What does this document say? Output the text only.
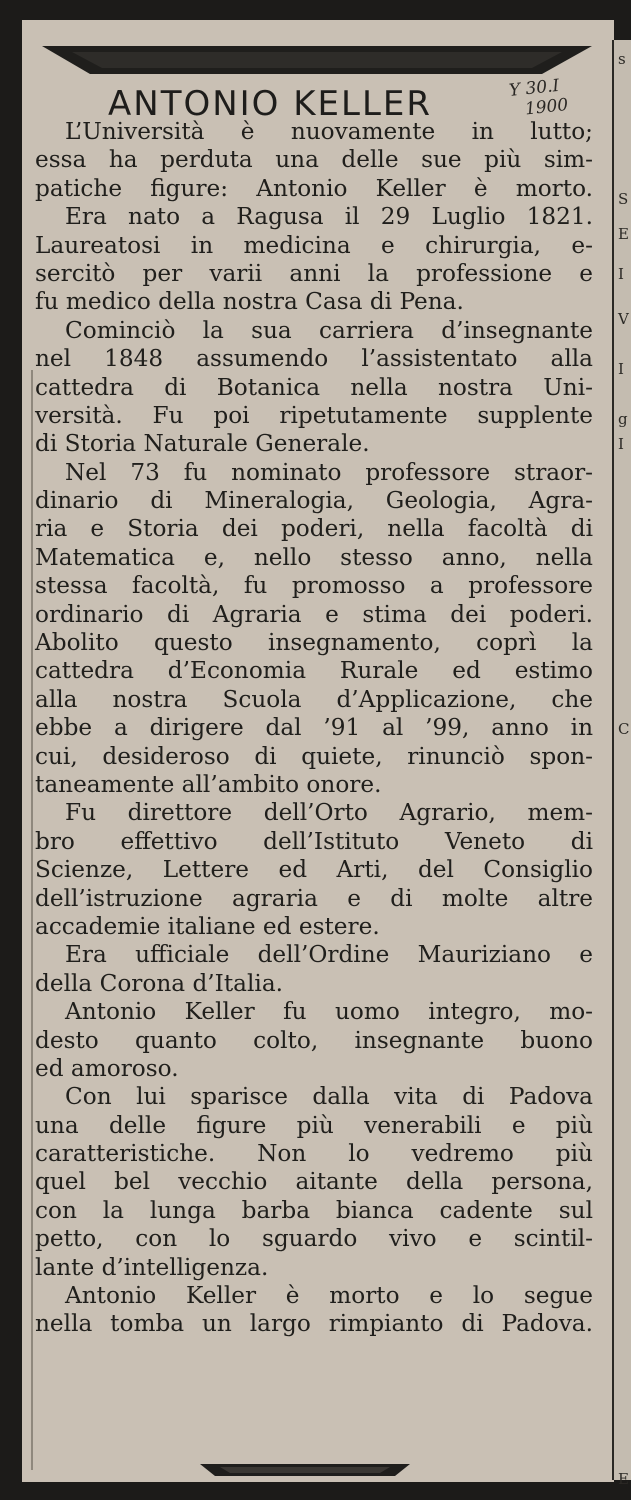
s
S
E
I
V
I
g
I
C
E
ANTONIO KELLER	Y 30.I
1900
L’Università è nuovamente in lutto;
essa ha perduta una delle sue più sim-
patiche figure: Antonio Keller è morto.
Era nato a Ragusa il 29 Luglio 1821.
Laureatosi in medicina e chirurgia, e-
sercitò per varii anni la professione e
fu medico della nostra Casa di Pena.
Cominciò la sua carriera d’insegnante
nel 1848 assumendo l’assistentato alla
cattedra di Botanica nella nostra Uni-
versità. Fu poi ripetutamente supplente
di Storia Naturale Generale.
Nel 73 fu nominato professore straor-
dinario di Mineralogia, Geologia, Agra-
ria e Storia dei poderi, nella facoltà di
Matematica e, nello stesso anno, nella
stessa facoltà, fu promosso a professore
ordinario di Agraria e stima dei poderi.
Abolito questo insegnamento, coprì la
cattedra d’Economia Rurale ed estimo
alla nostra Scuola d’Applicazione, che
ebbe a dirigere dal ’91 al ’99, anno in
cui, desideroso di quiete, rinunciò spon-
taneamente all’ambito onore.
Fu direttore dell’Orto Agrario, mem-
bro effettivo dell’Istituto Veneto di
Scienze, Lettere ed Arti, del Consiglio
dell’istruzione agraria e di molte altre
accademie italiane ed estere.
Era ufficiale dell’Ordine Mauriziano e
della Corona d’Italia.
Antonio Keller fu uomo integro, mo-
desto quanto colto, insegnante buono
ed amoroso.
Con lui sparisce dalla vita di Padova
una delle figure più venerabili e più
caratteristiche. Non lo vedremo più
quel bel vecchio aitante della persona,
con la lunga barba bianca cadente sul
petto, con lo sguardo vivo e scintil-
lante d’intelligenza.
Antonio Keller è morto e lo segue
nella tomba un largo rimpianto di Padova.
